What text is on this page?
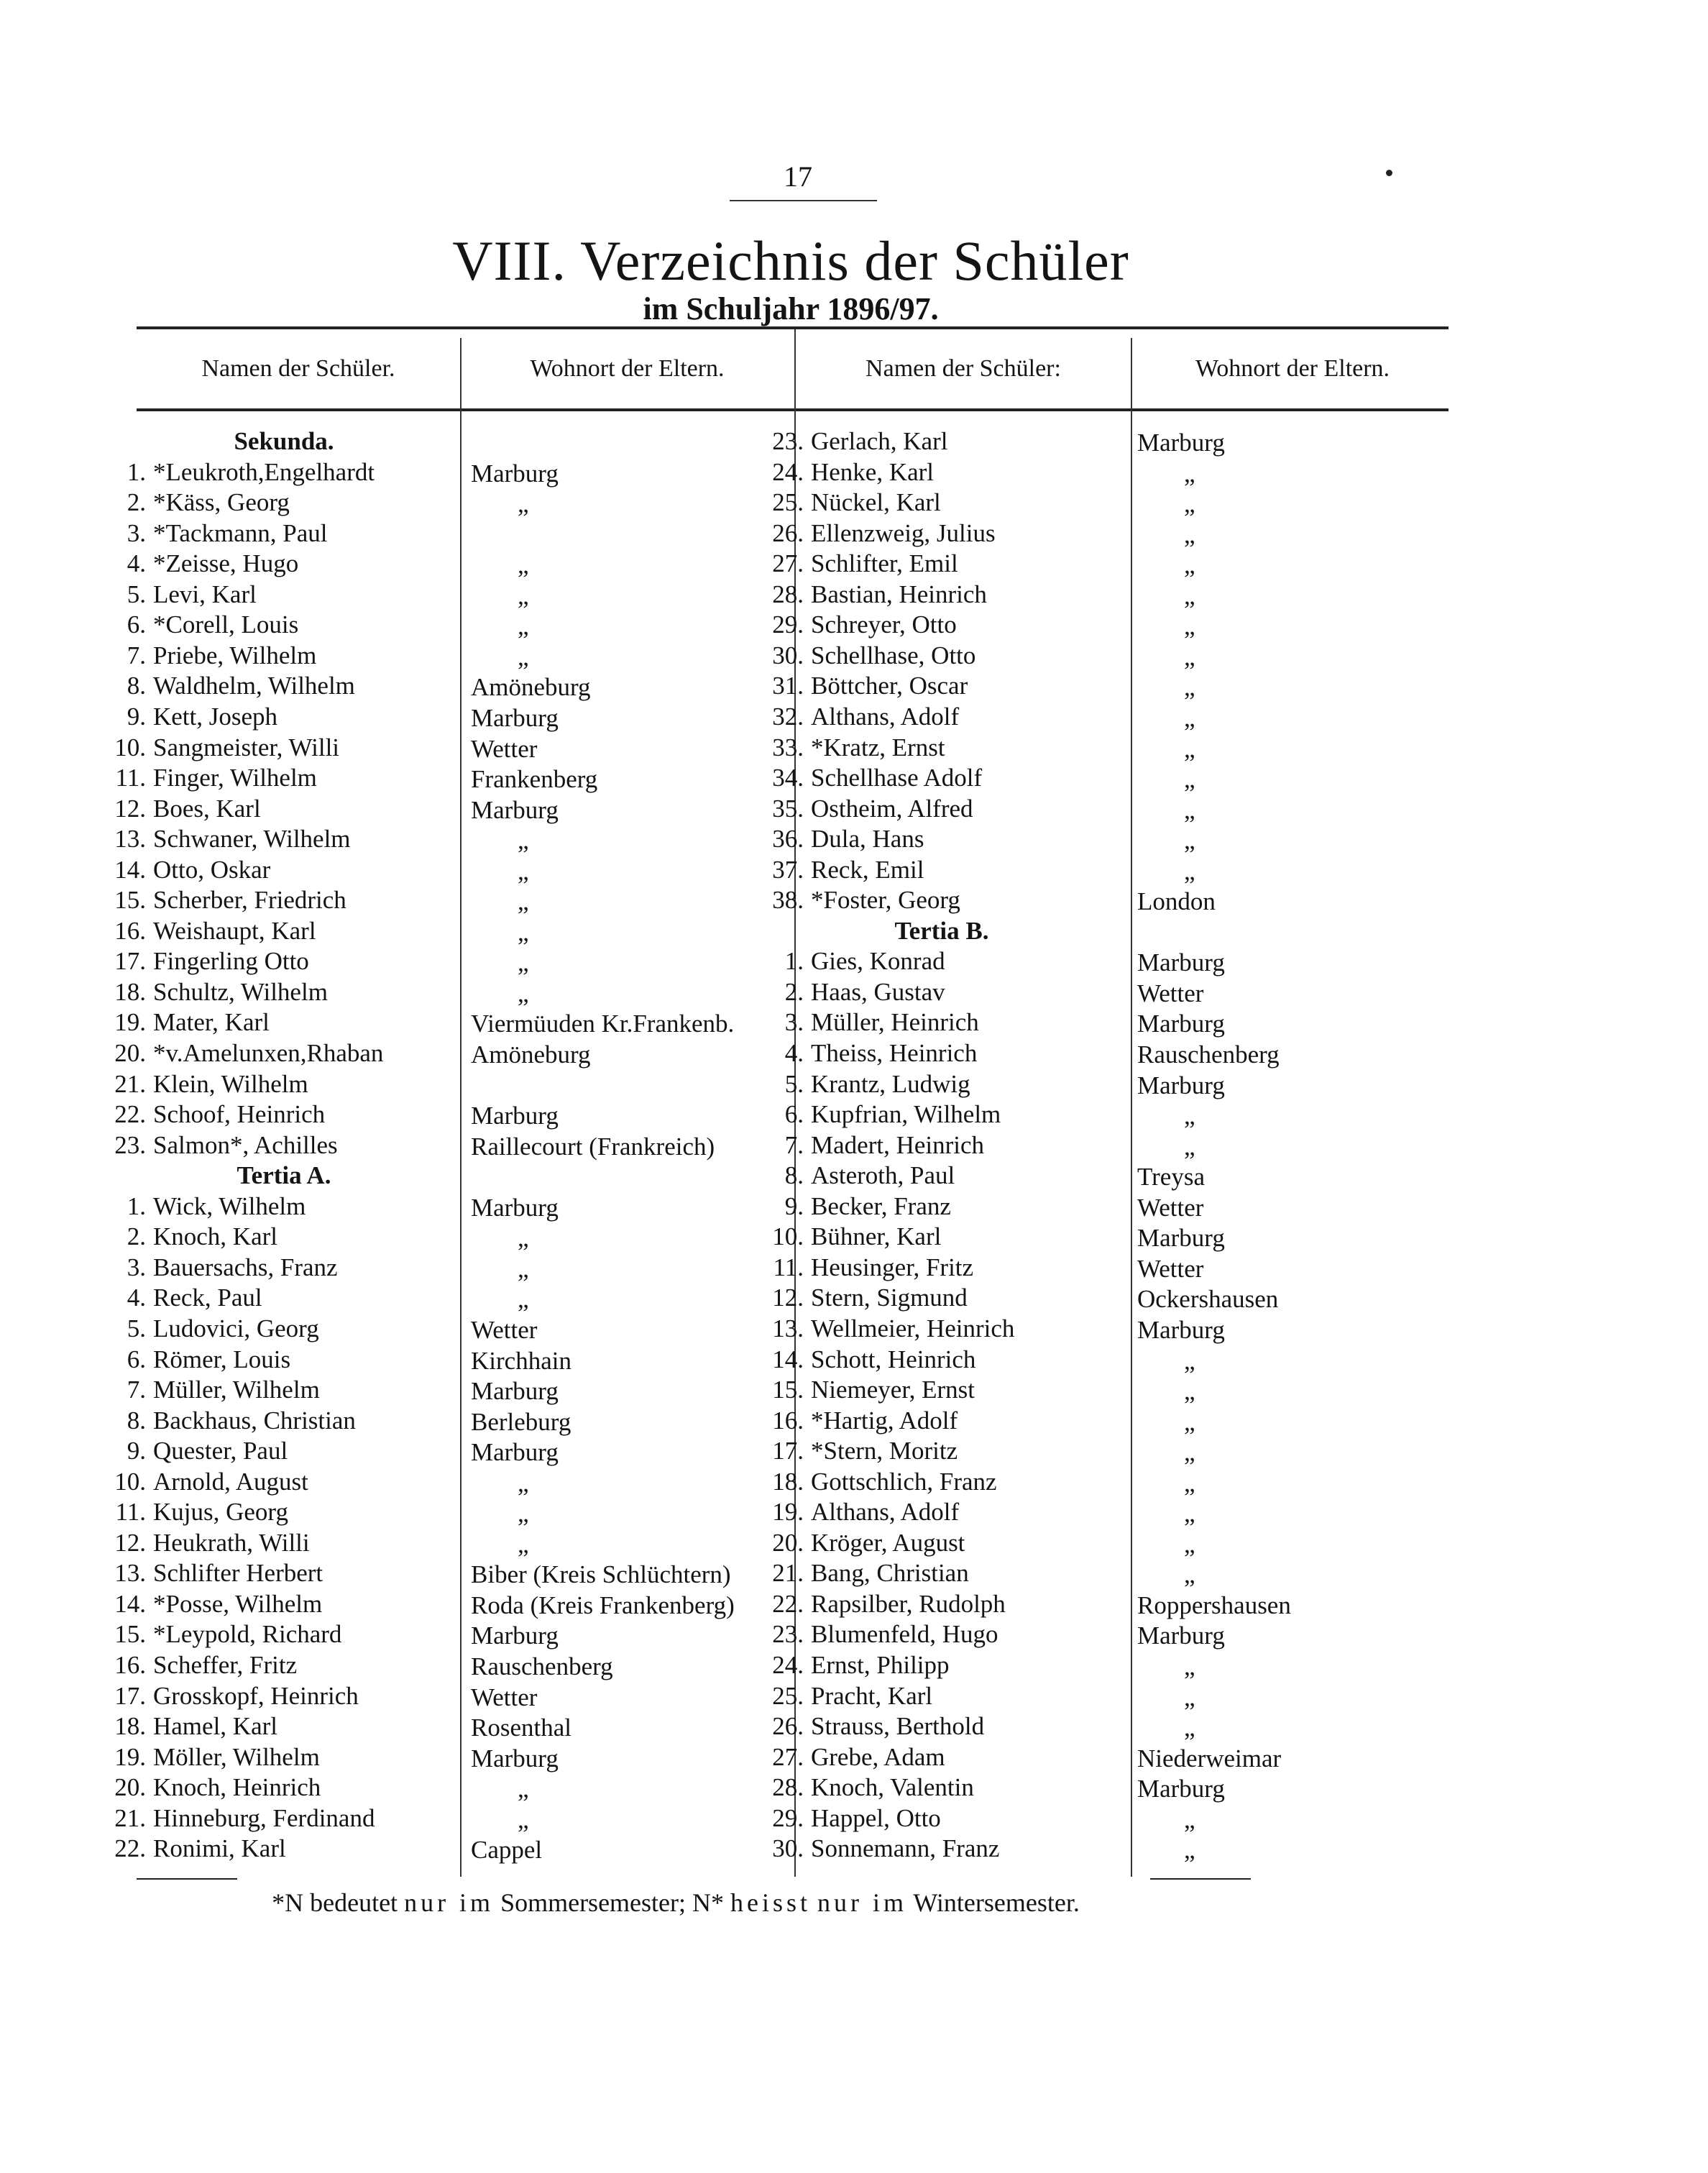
17
VIII. Verzeichnis der Schüler
im Schuljahr 1896/97.
Namen der Schüler.	Wohnort der Eltern.	Namen der Schüler:	Wohnort der Eltern.
Sekunda.
1. *Leukroth,Engelhardt	Marburg
2. *Käss, Georg	„
3. *Tackmann, Paul
4. *Zeisse, Hugo	„
5. Levi, Karl	„
6. *Corell, Louis	„
7. Priebe, Wilhelm	„
8. Waldhelm, Wilhelm	Amöneburg
9. Kett, Joseph	Marburg
10. Sangmeister, Willi	Wetter
11. Finger, Wilhelm	Frankenberg
12. Boes, Karl	Marburg
13. Schwaner, Wilhelm	„
14. Otto, Oskar	„
15. Scherber, Friedrich	„
16. Weishaupt, Karl	„
17. Fingerling Otto	„
18. Schultz, Wilhelm	„
19. Mater, Karl	Viermüuden Kr.Frankenb.
20. *v.Amelunxen,Rhaban	Amöneburg
21. Klein, Wilhelm
22. Schoof, Heinrich	Marburg
23. Salmon*, Achilles	Raillecourt (Frankreich)
Tertia A.
1. Wick, Wilhelm	Marburg
2. Knoch, Karl	„
3. Bauersachs, Franz	„
4. Reck, Paul	„
5. Ludovici, Georg	Wetter
6. Römer, Louis	Kirchhain
7. Müller, Wilhelm	Marburg
8. Backhaus, Christian	Berleburg
9. Quester, Paul	Marburg
10. Arnold, August	„
11. Kujus, Georg	„
12. Heukrath, Willi	„
13. Schlifter Herbert	Biber (Kreis Schlüchtern)
14. *Posse, Wilhelm	Roda (Kreis Frankenberg)
15. *Leypold, Richard	Marburg
16. Scheffer, Fritz	Rauschenberg
17. Grosskopf, Heinrich	Wetter
18. Hamel, Karl	Rosenthal
19. Möller, Wilhelm	Marburg
20. Knoch, Heinrich	„
21. Hinneburg, Ferdinand	„
22. Ronimi, Karl	Cappel
23. Gerlach, Karl	Marburg
24. Henke, Karl	„
25. Nückel, Karl	„
26. Ellenzweig, Julius	„
27. Schlifter, Emil	„
28. Bastian, Heinrich	„
29. Schreyer, Otto	„
30. Schellhase, Otto	„
31. Böttcher, Oscar	„
32. Althans, Adolf	„
33. *Kratz, Ernst	„
34. Schellhase Adolf	„
35. Ostheim, Alfred	„
36. Dula, Hans	„
37. Reck, Emil	„
38. *Foster, Georg	London
Tertia B.
1. Gies, Konrad	Marburg
2. Haas, Gustav	Wetter
3. Müller, Heinrich	Marburg
4. Theiss, Heinrich	Rauschenberg
5. Krantz, Ludwig	Marburg
6. Kupfrian, Wilhelm	„
7. Madert, Heinrich	„
8. Asteroth, Paul	Treysa
9. Becker, Franz	Wetter
10. Bühner, Karl	Marburg
11. Heusinger, Fritz	Wetter
12. Stern, Sigmund	Ockershausen
13. Wellmeier, Heinrich	Marburg
14. Schott, Heinrich	„
15. Niemeyer, Ernst	„
16. *Hartig, Adolf	„
17. *Stern, Moritz	„
18. Gottschlich, Franz	„
19. Althans, Adolf	„
20. Kröger, August	„
21. Bang, Christian	„
22. Rapsilber, Rudolph	Roppershausen
23. Blumenfeld, Hugo	Marburg
24. Ernst, Philipp	„
25. Pracht, Karl	„
26. Strauss, Berthold	„
27. Grebe, Adam	Niederweimar
28. Knoch, Valentin	Marburg
29. Happel, Otto	„
30. Sonnemann, Franz	„
*N bedeutet nur im Sommersemester; N* heisst nur im Wintersemester.
